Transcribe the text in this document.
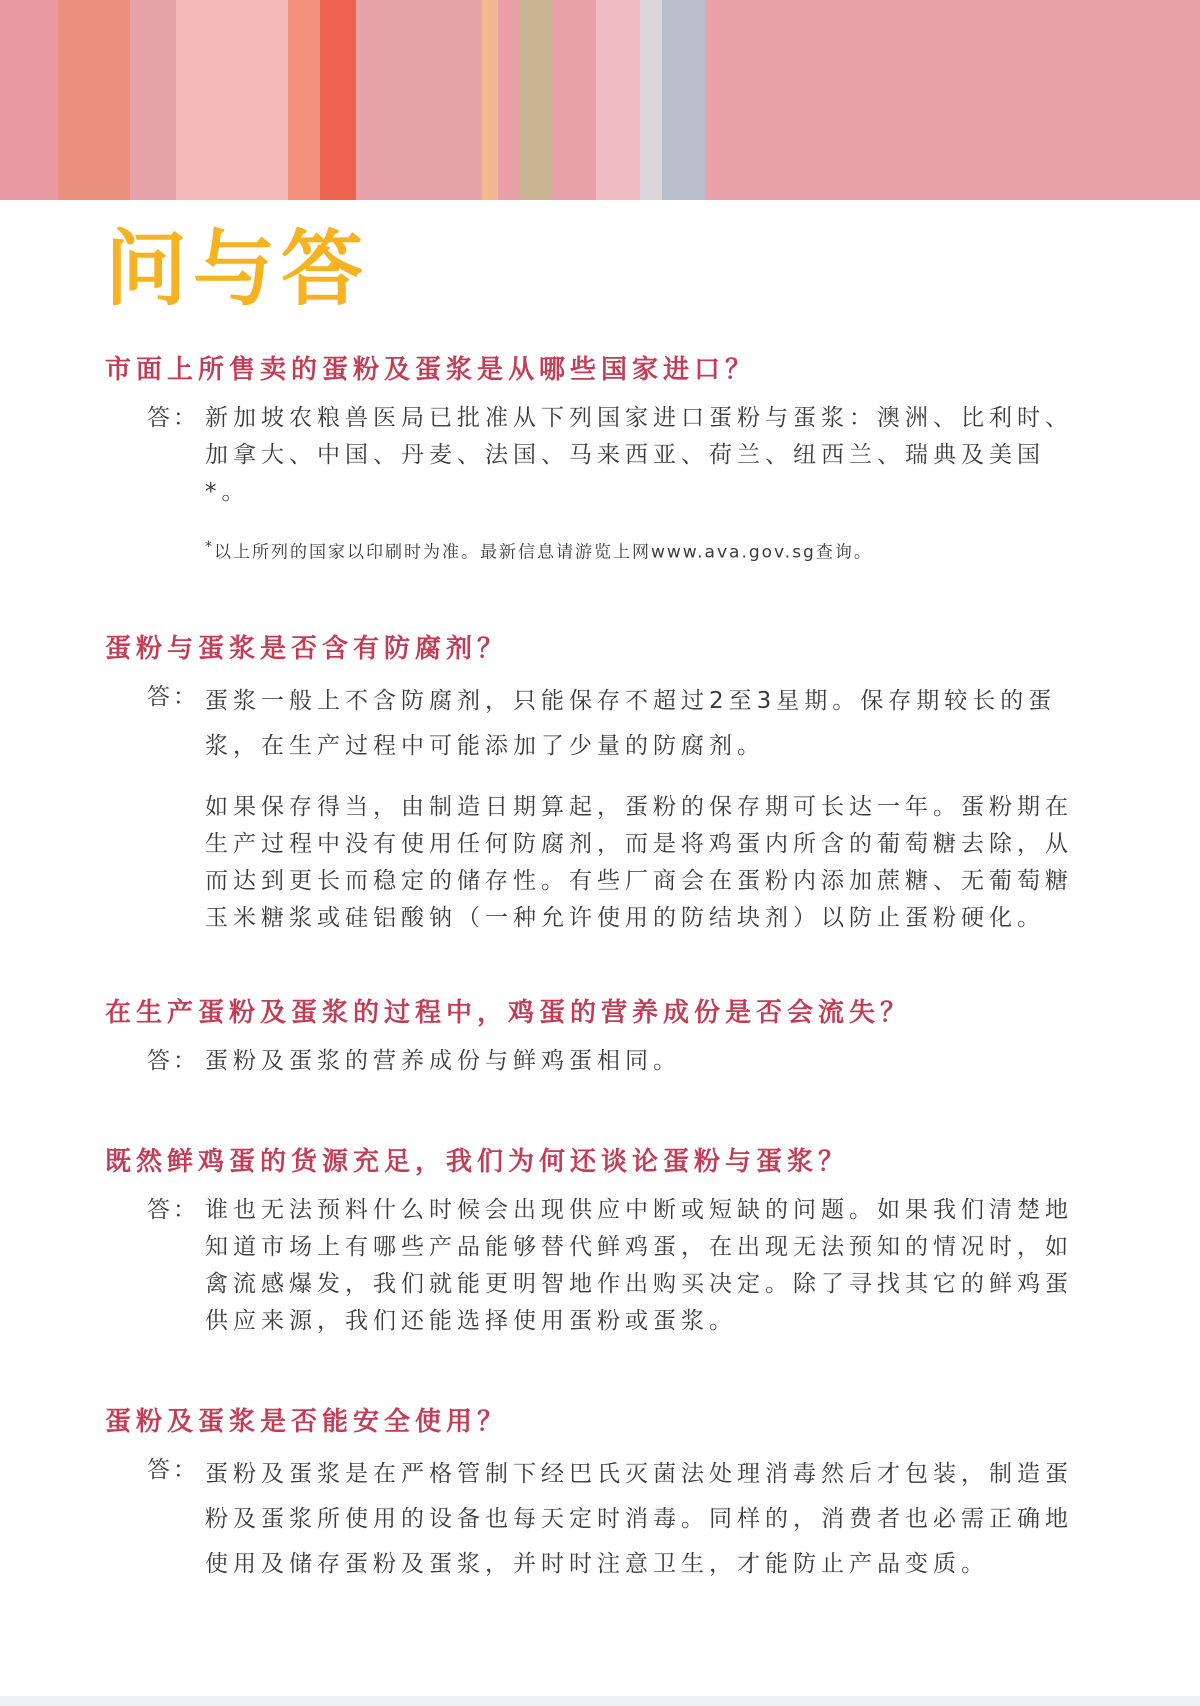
问与答
市面上所售卖的蛋粉及蛋浆是从哪些国家进口？
答： 新加坡农粮兽医局已批准从下列国家进口蛋粉与蛋浆：澳洲、比利时、加拿大、中国、丹麦、法国、马来西亚、荷兰、纽西兰、瑞典及美国*。

*以上所列的国家以印刷时为准。最新信息请游览上网www.ava.gov.sg查询。
蛋粉与蛋浆是否含有防腐剂？
答： 蛋浆一般上不含防腐剂，只能保存不超过2至3星期。保存期较长的蛋浆，在生产过程中可能添加了少量的防腐剂。

如果保存得当，由制造日期算起，蛋粉的保存期可长达一年。蛋粉期在生产过程中没有使用任何防腐剂，而是将鸡蛋内所含的葡萄糖去除，从而达到更长而稳定的储存性。有些厂商会在蛋粉内添加蔗糖、无葡萄糖玉米糖浆或硅铝酸钠（一种允许使用的防结块剂）以防止蛋粉硬化。

在生产蛋粉及蛋浆的过程中，鸡蛋的营养成份是否会流失？
答： 蛋粉及蛋浆的营养成份与鲜鸡蛋相同。

既然鲜鸡蛋的货源充足，我们为何还谈论蛋粉与蛋浆？
答： 谁也无法预料什么时候会出现供应中断或短缺的问题。如果我们清楚地知道市场上有哪些产品能够替代鲜鸡蛋，在出现无法预知的情况时，如禽流感爆发，我们就能更明智地作出购买决定。除了寻找其它的鲜鸡蛋供应来源，我们还能选择使用蛋粉或蛋浆。

蛋粉及蛋浆是否能安全使用？
答： 蛋粉及蛋浆是在严格管制下经巴氏灭菌法处理消毒然后才包装，制造蛋粉及蛋浆所使用的设备也每天定时消毒。同样的，消费者也必需正确地使用及储存蛋粉及蛋浆，并时时注意卫生，才能防止产品变质。
